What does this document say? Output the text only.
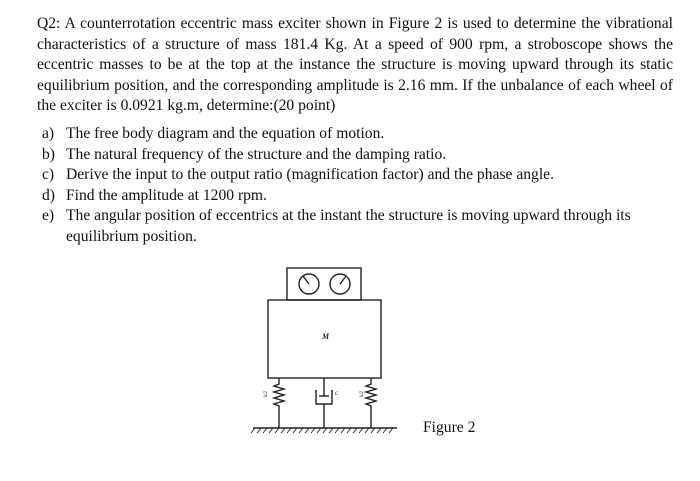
Q2: A counterrotation eccentric mass exciter shown in Figure 2 is used to determine the vibrational characteristics of a structure of mass 181.4 Kg. At a speed of 900 rpm, a stroboscope shows the eccentric masses to be at the top at the instance the structure is moving upward through its static equilibrium position, and the corresponding amplitude is 2.16 mm. If the unbalance of each wheel of the exciter is 0.0921 kg.m, determine:(20 point)

a) The free body diagram and the equation of motion.
b) The natural frequency of the structure and the damping ratio.
c) Derive the input to the output ratio (magnification factor) and the phase angle.
d) Find the amplitude at 1200 rpm.
e) The angular position of eccentrics at the instant the structure is moving upward through its equilibrium position.
M
k/2	k/2
c
Figure 2
